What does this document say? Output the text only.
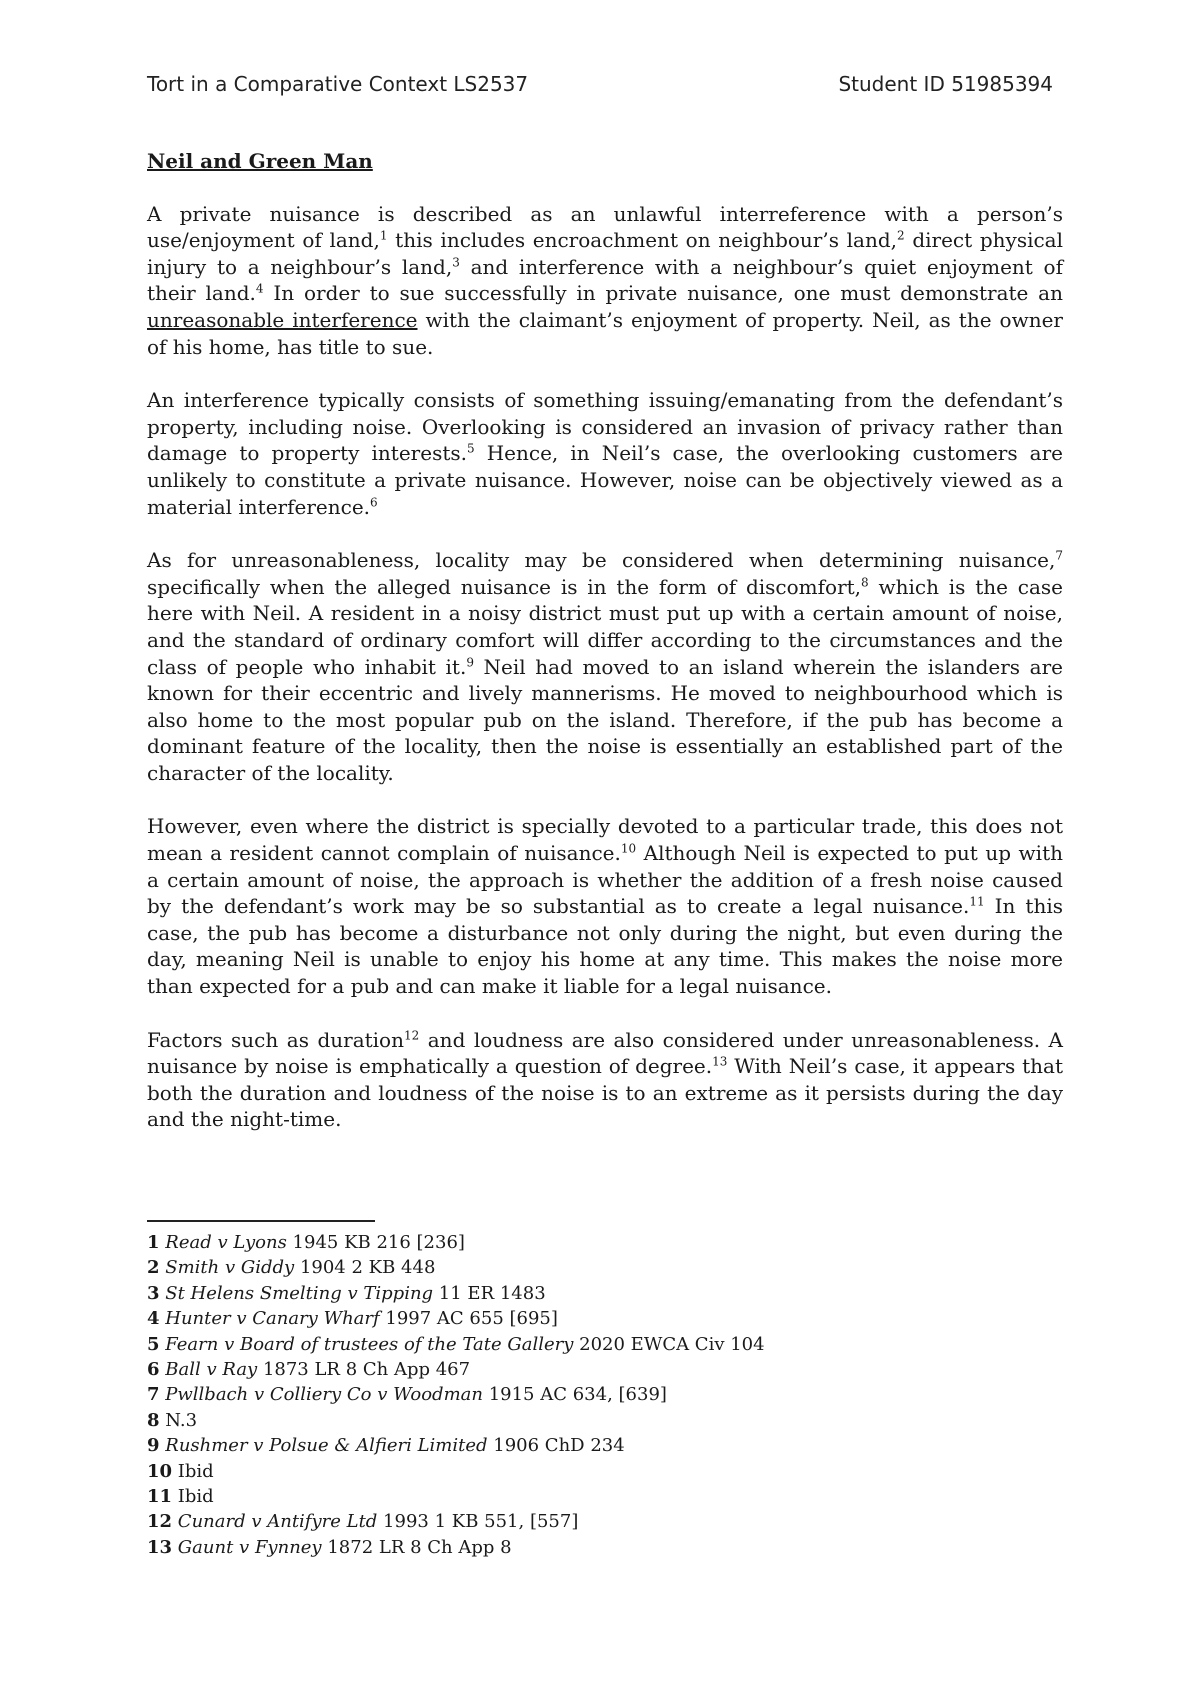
Tort in a Comparative Context LS2537	Student ID 51985394
Neil and Green Man
A private nuisance is described as an unlawful interreference with a person’s use/enjoyment of land,$^1$ this includes encroachment on neighbour’s land,$^2$ direct physical injury to a neighbour’s land,$^3$ and interference with a neighbour’s quiet enjoyment of their land.$^4$ In order to sue successfully in private nuisance, one must demonstrate an unreasonable interference with the claimant’s enjoyment of property. Neil, as the owner of his home, has title to sue.
An interference typically consists of something issuing/emanating from the defendant’s property, including noise. Overlooking is considered an invasion of privacy rather than damage to property interests.$^5$ Hence, in Neil’s case, the overlooking customers are unlikely to constitute a private nuisance. However, noise can be objectively viewed as a material interference.$^6$
As for unreasonableness, locality may be considered when determining nuisance,$^7$ specifically when the alleged nuisance is in the form of discomfort,$^8$ which is the case here with Neil. A resident in a noisy district must put up with a certain amount of noise, and the standard of ordinary comfort will differ according to the circumstances and the class of people who inhabit it.$^9$ Neil had moved to an island wherein the islanders are known for their eccentric and lively mannerisms. He moved to neighbourhood which is also home to the most popular pub on the island. Therefore, if the pub has become a dominant feature of the locality, then the noise is essentially an established part of the character of the locality.
However, even where the district is specially devoted to a particular trade, this does not mean a resident cannot complain of nuisance.$^{10}$ Although Neil is expected to put up with a certain amount of noise, the approach is whether the addition of a fresh noise caused by the defendant’s work may be so substantial as to create a legal nuisance.$^{11}$ In this case, the pub has become a disturbance not only during the night, but even during the day, meaning Neil is unable to enjoy his home at any time. This makes the noise more than expected for a pub and can make it liable for a legal nuisance.
Factors such as duration$^{12}$ and loudness are also considered under unreasonableness. A nuisance by noise is emphatically a question of degree.$^{13}$ With Neil’s case, it appears that both the duration and loudness of the noise is to an extreme as it persists during the day and the night-time.
1 Read v Lyons 1945 KB 216 [236]
2 Smith v Giddy 1904 2 KB 448
3 St Helens Smelting v Tipping 11 ER 1483
4 Hunter v Canary Wharf 1997 AC 655 [695]
5 Fearn v Board of trustees of the Tate Gallery 2020 EWCA Civ 104
6 Ball v Ray 1873 LR 8 Ch App 467
7 Pwllbach v Colliery Co v Woodman 1915 AC 634, [639]
8 N.3
9 Rushmer v Polsue & Alfieri Limited 1906 ChD 234
10 Ibid
11 Ibid
12 Cunard v Antifyre Ltd 1993 1 KB 551, [557]
13 Gaunt v Fynney 1872 LR 8 Ch App 8
